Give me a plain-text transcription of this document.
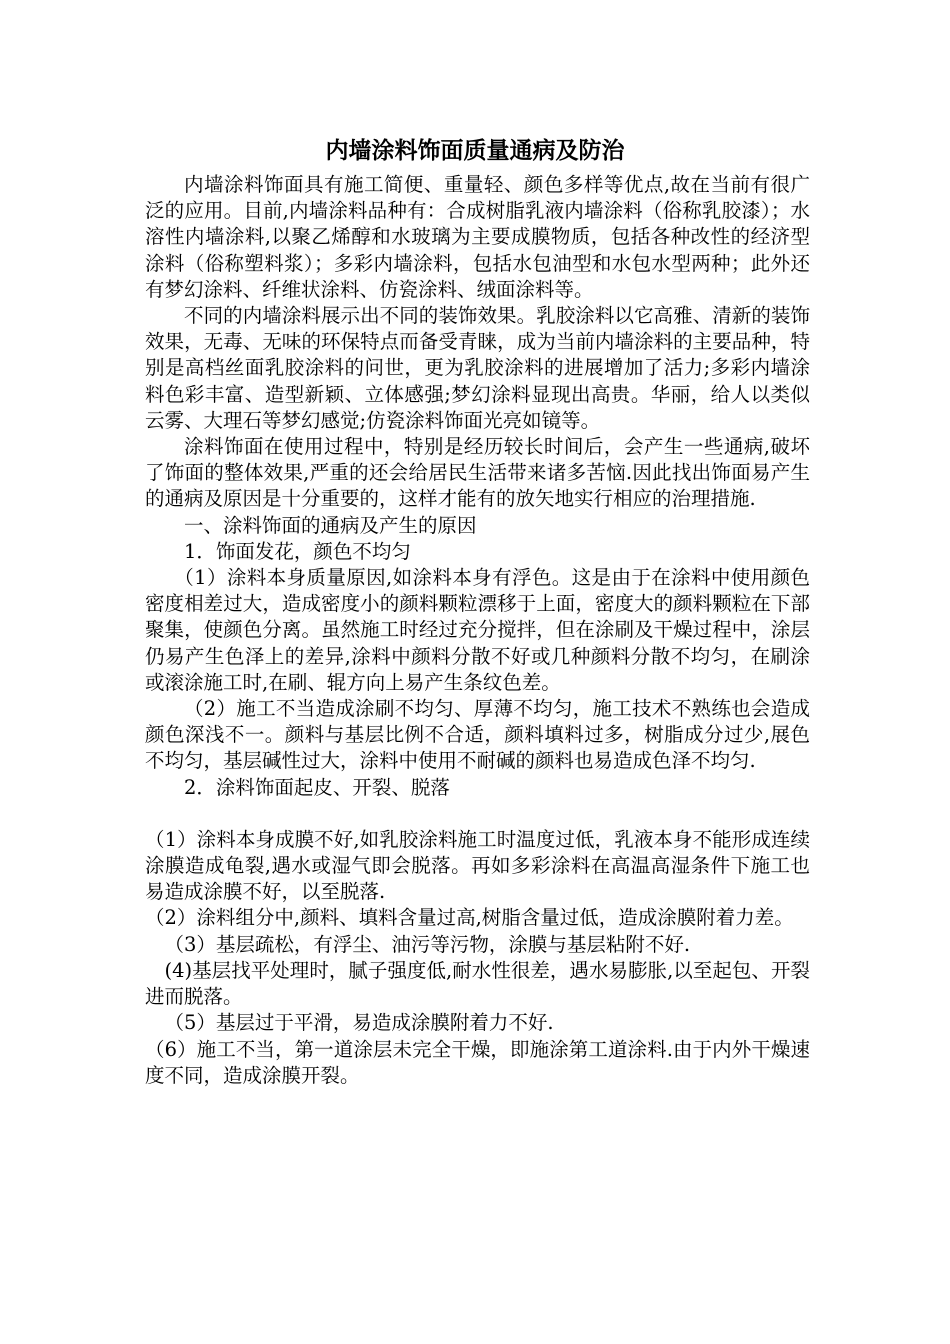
内墙涂料饰面质量通病及防治

内墙涂料饰面具有施工简便、重量轻、颜色多样等优点,故在当前有很广泛的应用。目前,内墙涂料品种有：合成树脂乳液内墙涂料（俗称乳胶漆）；水溶性内墙涂料,以聚乙烯醇和水玻璃为主要成膜物质，包括各种改性的经济型涂料（俗称塑料浆）；多彩内墙涂料，包括水包油型和水包水型两种；此外还有梦幻涂料、纤维状涂料、仿瓷涂料、绒面涂料等。

不同的内墙涂料展示出不同的装饰效果。乳胶涂料以它高雅、清新的装饰效果，无毒、无味的环保特点而备受青睐，成为当前内墙涂料的主要品种，特别是高档丝面乳胶涂料的问世，更为乳胶涂料的进展增加了活力;多彩内墙涂料色彩丰富、造型新颖、立体感强;梦幻涂料显现出高贵。华丽，给人以类似云雾、大理石等梦幻感觉;仿瓷涂料饰面光亮如镜等。

涂料饰面在使用过程中，特别是经历较长时间后，会产生一些通病,破坏了饰面的整体效果,严重的还会给居民生活带来诸多苦恼.因此找出饰面易产生的通病及原因是十分重要的，这样才能有的放矢地实行相应的治理措施.

一、涂料饰面的通病及产生的原因

1．饰面发花，颜色不均匀

（1）涂料本身质量原因,如涂料本身有浮色。这是由于在涂料中使用颜色密度相差过大，造成密度小的颜料颗粒漂移于上面，密度大的颜料颗粒在下部聚集，使颜色分离。虽然施工时经过充分搅拌，但在涂刷及干燥过程中，涂层仍易产生色泽上的差异,涂料中颜料分散不好或几种颜料分散不均匀，在刷涂或滚涂施工时,在刷、辊方向上易产生条纹色差。

（2）施工不当造成涂刷不均匀、厚薄不均匀，施工技术不熟练也会造成颜色深浅不一。颜料与基层比例不合适，颜料填料过多，树脂成分过少,展色不均匀，基层碱性过大，涂料中使用不耐碱的颜料也易造成色泽不均匀.

2．涂料饰面起皮、开裂、脱落

（1）涂料本身成膜不好,如乳胶涂料施工时温度过低，乳液本身不能形成连续涂膜造成龟裂,遇水或湿气即会脱落。再如多彩涂料在高温高湿条件下施工也易造成涂膜不好，以至脱落.

（2）涂料组分中,颜料、填料含量过高,树脂含量过低，造成涂膜附着力差。

（3）基层疏松，有浮尘、油污等污物，涂膜与基层粘附不好.

(4)基层找平处理时，腻子强度低,耐水性很差，遇水易膨胀,以至起包、开裂进而脱落。

（5）基层过于平滑，易造成涂膜附着力不好.

（6）施工不当，第一道涂层未完全干燥，即施涂第工道涂料.由于内外干燥速度不同，造成涂膜开裂。
